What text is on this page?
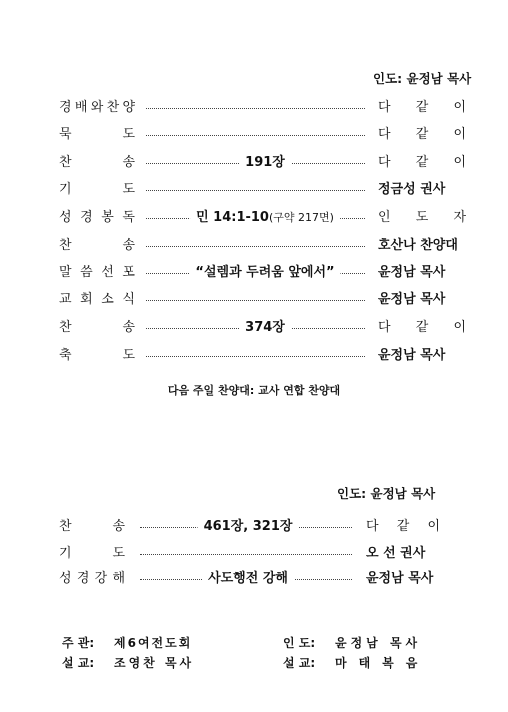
인도: 윤정남 목사
다음 주일 찬양대: 교사 연합 찬양대
인도: 윤정남 목사
주 관: 제6여전도회	인 도: 윤정남 목사
설 교: 조영찬 목사	설 교: 마태복음
경 배 와 찬 양	다 같 이
묵	도	다 같 이
찬	송	191장	다 같 이
기	도	정금성 권사
성 경 봉 독	민 14:1-10(구약 217면)	인 도 자
찬	송	호산나 찬양대
말 씀 선 포	“설렘과 두려움 앞에서”	윤정남 목사
교 회 소 식	윤정남 목사
찬	송	374장	다 같 이
축	도	윤정남 목사
찬	송	461장, 321장	다 같 이
기	도	오 선 권사
성 경 강 해	사도행전 강해	윤정남 목사
